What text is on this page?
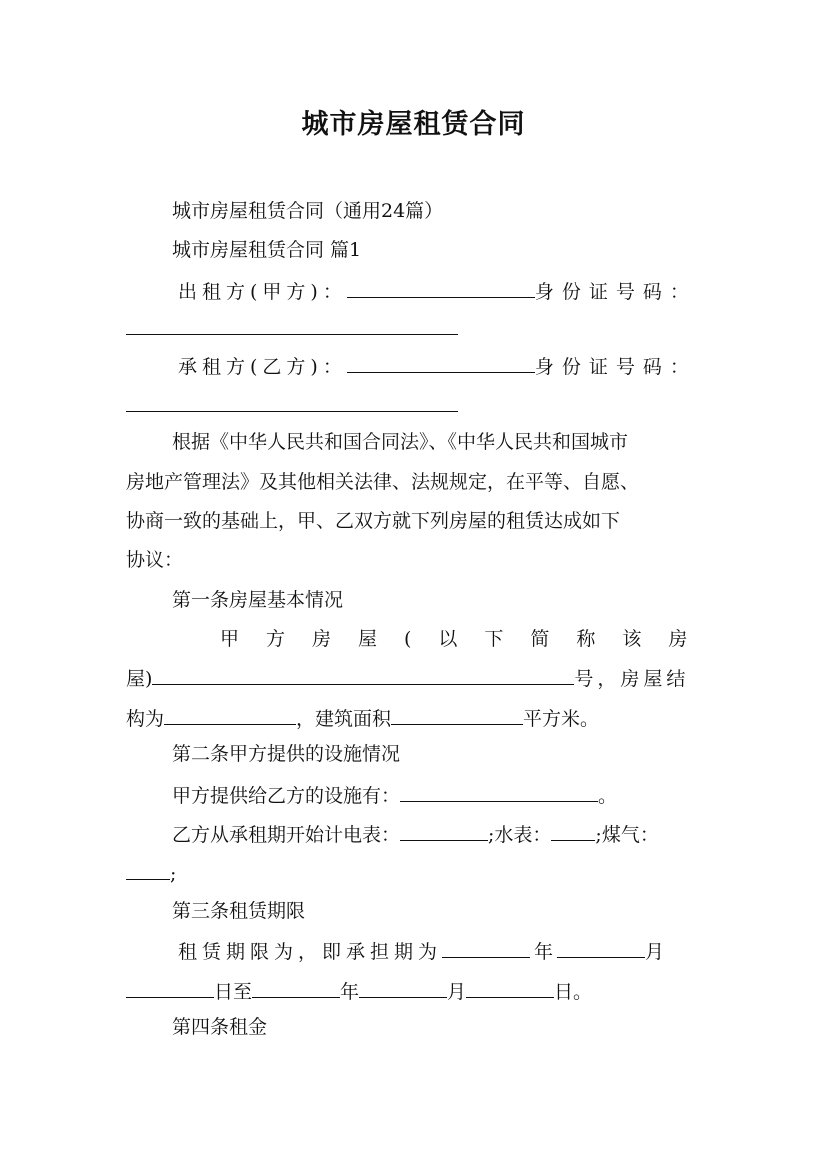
城市房屋租赁合同
城市房屋租赁合同（通用24篇）
城市房屋租赁合同 篇1
出租方(甲方)：	身份证号码：
承租方(乙方)：	身份证号码：
根据《中华人民共和国合同法》、《中华人民共和国城市
房地产管理法》及其他相关法律、法规规定，在平等、自愿、
协商一致的基础上，甲、乙双方就下列房屋的租赁达成如下
协议：
第一条房屋基本情况
甲方房屋(以下简称该房
屋)	号，房屋结
构为	，建筑面积	平方米。
第二条甲方提供的设施情况
甲方提供给乙方的设施有：	。
乙方从承租期开始计电表：	;水表： ;煤气：
;
第三条租赁期限
租赁期限为，即承担期为	年	月
日至	年	月	日。
第四条租金
